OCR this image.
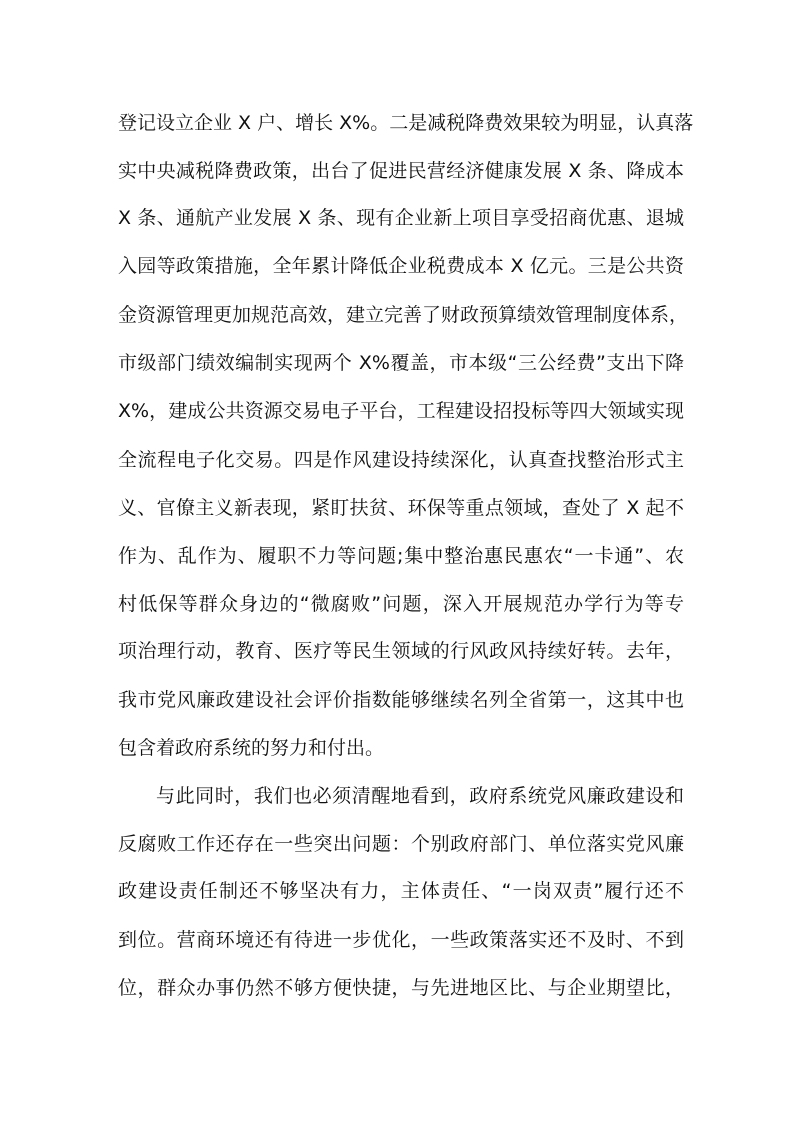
登记设立企业 X 户、增长 X%。二是减税降费效果较为明显，认真落
实中央减税降费政策，出台了促进民营经济健康发展 X 条、降成本
X 条、通航产业发展 X 条、现有企业新上项目享受招商优惠、退城
入园等政策措施，全年累计降低企业税费成本 X 亿元。三是公共资
金资源管理更加规范高效，建立完善了财政预算绩效管理制度体系，
市级部门绩效编制实现两个 X%覆盖，市本级“三公经费”支出下降
X%，建成公共资源交易电子平台，工程建设招投标等四大领域实现
全流程电子化交易。四是作风建设持续深化，认真查找整治形式主
义、官僚主义新表现，紧盯扶贫、环保等重点领域，查处了 X 起不
作为、乱作为、履职不力等问题;集中整治惠民惠农“一卡通”、农
村低保等群众身边的“微腐败”问题，深入开展规范办学行为等专
项治理行动，教育、医疗等民生领域的行风政风持续好转。去年，
我市党风廉政建设社会评价指数能够继续名列全省第一，这其中也
包含着政府系统的努力和付出。
与此同时，我们也必须清醒地看到，政府系统党风廉政建设和
反腐败工作还存在一些突出问题：个别政府部门、单位落实党风廉
政建设责任制还不够坚决有力，主体责任、“一岗双责”履行还不
到位。营商环境还有待进一步优化，一些政策落实还不及时、不到
位，群众办事仍然不够方便快捷，与先进地区比、与企业期望比，
